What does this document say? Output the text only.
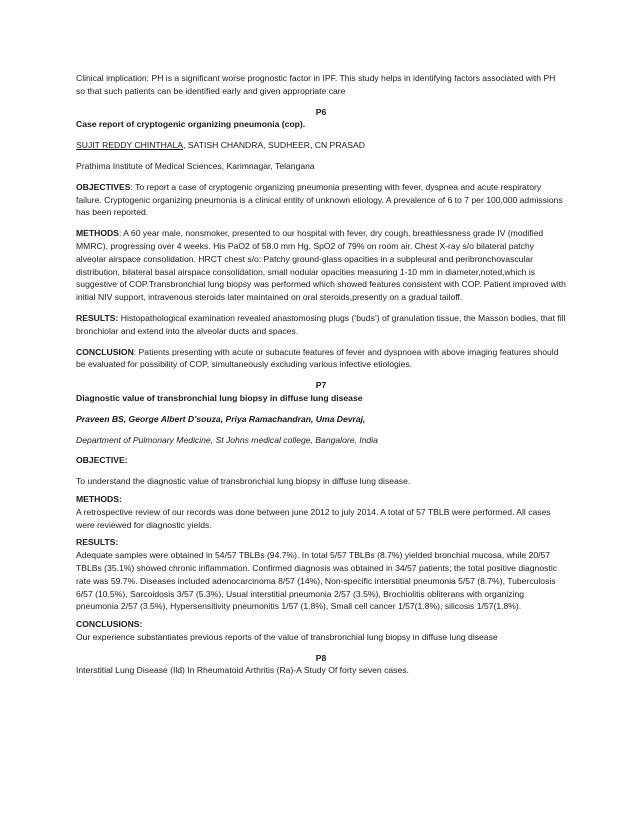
Clinical implication: PH is a significant worse prognostic factor in IPF. This study helps in identifying factors associated with PH so that such patients can be identified early and given appropriate care

P6

Case report of cryptogenic organizing pneumonia (cop).

SUJIT REDDY CHINTHALA, SATISH CHANDRA, SUDHEER, CN PRASAD

Prathima Institute of Medical Sciences, Karimnagar, Telangana

OBJECTIVES: To report a case of cryptogenic organizing pneumonia presenting with fever, dyspnea and acute respiratory failure. Cryptogenic organizing pneumonia is a clinical entity of unknown etiology. A prevalence of 6 to 7 per 100,000 admissions has been reported.

METHODS: A 60 year male, nonsmoker, presented to our hospital with fever, dry cough, breathlessness grade IV (modified MMRC), progressing over 4 weeks. His PaO2 of 58.0 mm Hg, SpO2 of 79% on room air. Chest X-ray s/o bilateral patchy alveolar airspace consolidation. HRCT chest s/o: Patchy ground-glass opacities in a subpleural and peribronchovascular distribution, bilateral basal airspace consolidation, small nodular opacities measuring 1-10 mm in diameter,noted,which is suggestive of COP.Transbronchial lung biopsy was performed which showed features consistent with COP. Patient improved with initial NIV support, intravenous steroids later maintained on oral steroids,presently on a gradual tailoff.

RESULTS: Histopathological examination revealed anastomosing plugs (‘buds’) of granulation tissue, the Masson bodies, that fill bronchiolar and extend into the alveolar ducts and spaces.

CONCLUSION: Patients presenting with acute or subacute features of fever and dyspnoea with above imaging features should be evaluated for possibility of COP, simultaneously excluding various infective etiologies.

P7

Diagnostic value of transbronchial lung biopsy in diffuse lung disease

Praveen BS, George Albert D’souza, Priya Ramachandran, Uma Devraj,

Department of Pulmonary Medicine, St Johns medical college, Bangalore, India

OBJECTIVE:

To understand the diagnostic value of transbronchial lung biopsy in diffuse lung disease.

METHODS:

A retrospective review of our records was done between june 2012 to july 2014. A total of 57 TBLB were performed. All cases were reviewed for diagnostic yields.

RESULTS:

Adequate samples were obtained in 54/57 TBLBs (94.7%). In total 5/57 TBLBs (8.7%) yielded bronchial mucosa, while 20/57 TBLBs (35.1%) showed chronic inflammation. Confirmed diagnosis was obtained in 34/57 patients; the total positive diagnostic rate was 59.7%. Diseases included adenocarcinoma 8/57 (14%), Non-specific interstitial pneumonia 5/57 (8.7%), Tuberculosis 6/57 (10.5%), Sarcoidosis 3/57 (5.3%), Usual interstitial pneumonia 2/57 (3.5%), Brochiolitis obliterans with organizing pneumonia 2/57 (3.5%), Hypersensitivity pneumonitis 1/57 (1.8%), Small cell cancer 1/57(1.8%), silicosis 1/57(1.8%).

CONCLUSIONS:

Our experience substantiates previous reports of the value of transbronchial lung biopsy in diffuse lung disease

P8

Interstitial Lung Disease (Ild) In Rheumatoid Arthritis (Ra)-A Study Of forty seven cases.
